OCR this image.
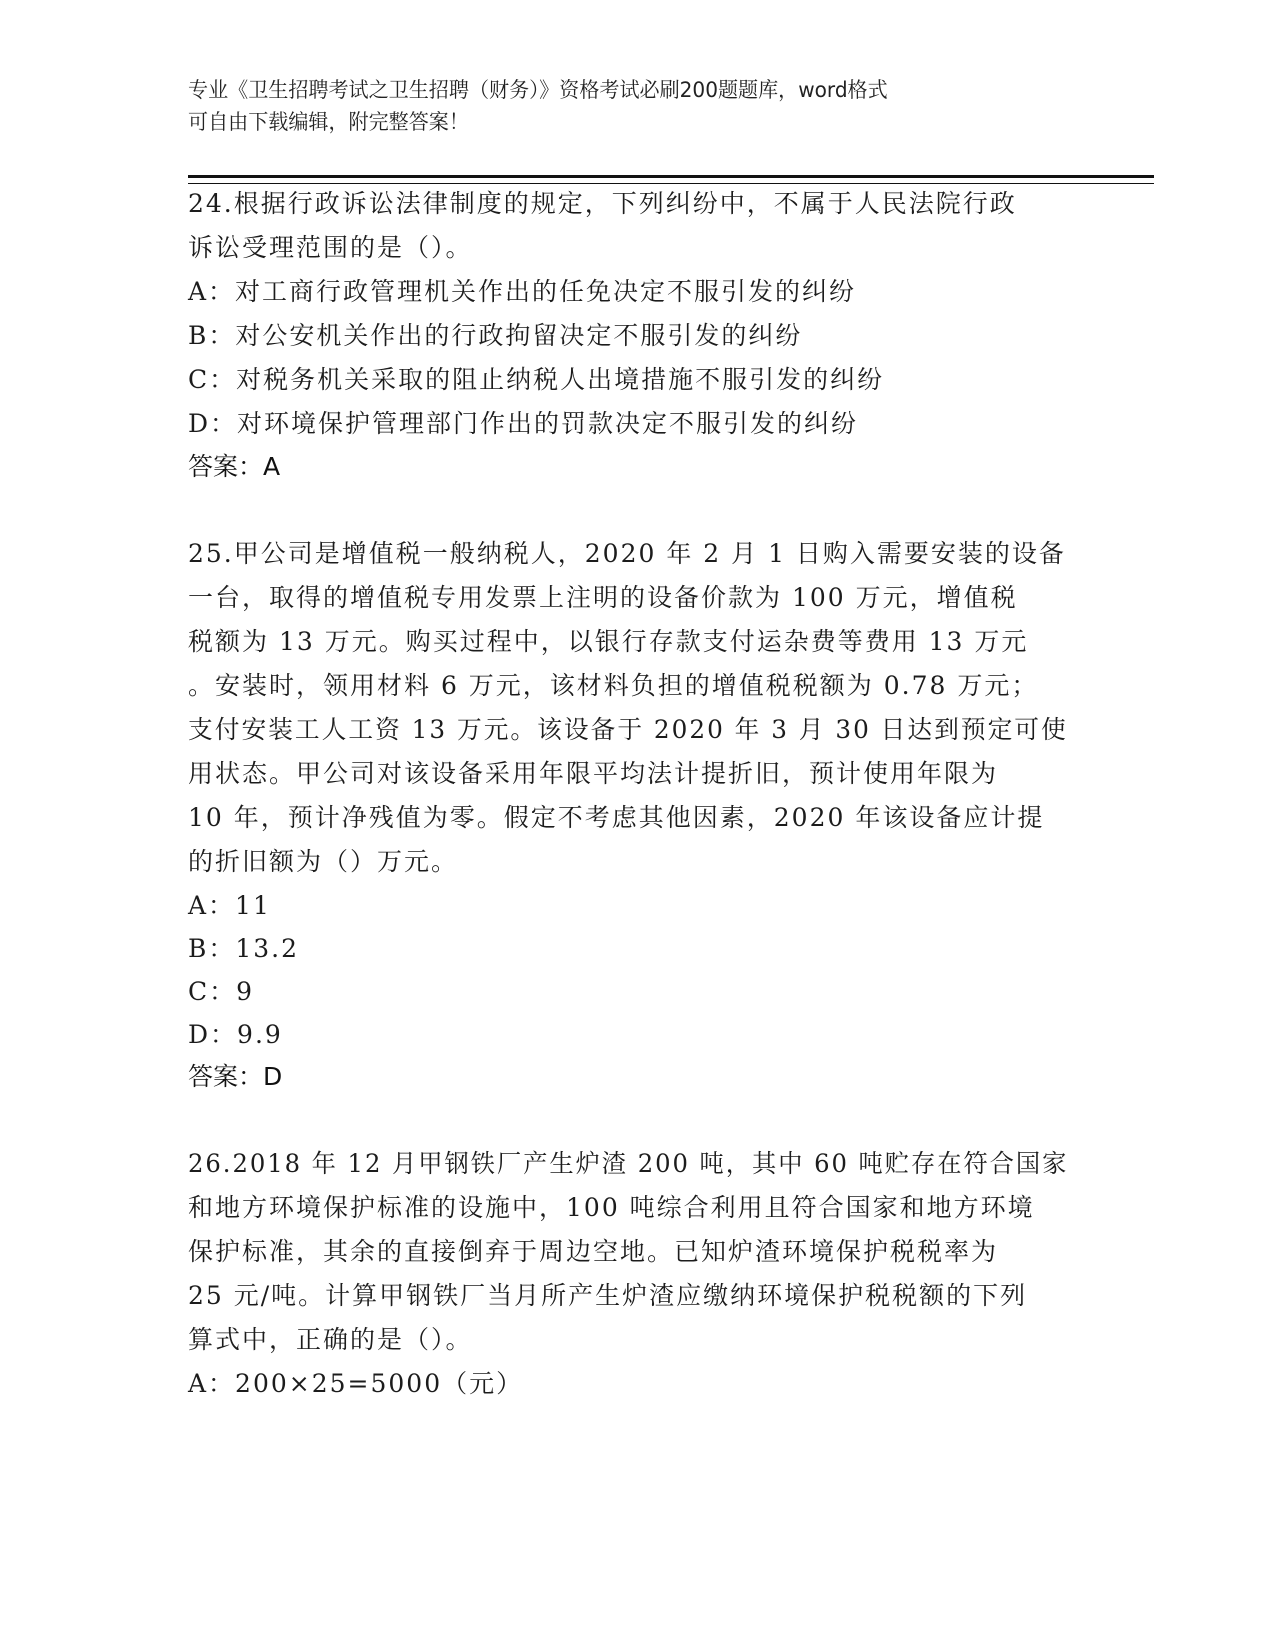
专业《卫生招聘考试之卫生招聘（财务）》资格考试必刷200题题库，word格式
可自由下载编辑，附完整答案！
24.根据行政诉讼法律制度的规定，下列纠纷中，不属于人民法院行政
诉讼受理范围的是（）。
A：对工商行政管理机关作出的任免决定不服引发的纠纷
B：对公安机关作出的行政拘留决定不服引发的纠纷
C：对税务机关采取的阻止纳税人出境措施不服引发的纠纷
D：对环境保护管理部门作出的罚款决定不服引发的纠纷
答案：A
25.甲公司是增值税一般纳税人，2020 年 2 月 1 日购入需要安装的设备
一台，取得的增值税专用发票上注明的设备价款为 100 万元，增值税
税额为 13 万元。购买过程中，以银行存款支付运杂费等费用 13 万元
。安装时，领用材料 6 万元，该材料负担的增值税税额为 0.78 万元；
支付安装工人工资 13 万元。该设备于 2020 年 3 月 30 日达到预定可使
用状态。甲公司对该设备采用年限平均法计提折旧，预计使用年限为
10 年，预计净残值为零。假定不考虑其他因素，2020 年该设备应计提
的折旧额为（）万元。
A：11
B：13.2
C：9
D：9.9
答案：D
26.2018 年 12 月甲钢铁厂产生炉渣 200 吨，其中 60 吨贮存在符合国家
和地方环境保护标准的设施中，100 吨综合利用且符合国家和地方环境
保护标准，其余的直接倒弃于周边空地。已知炉渣环境保护税税率为
25 元/吨。计算甲钢铁厂当月所产生炉渣应缴纳环境保护税税额的下列
算式中，正确的是（）。
A：200×25=5000（元）
